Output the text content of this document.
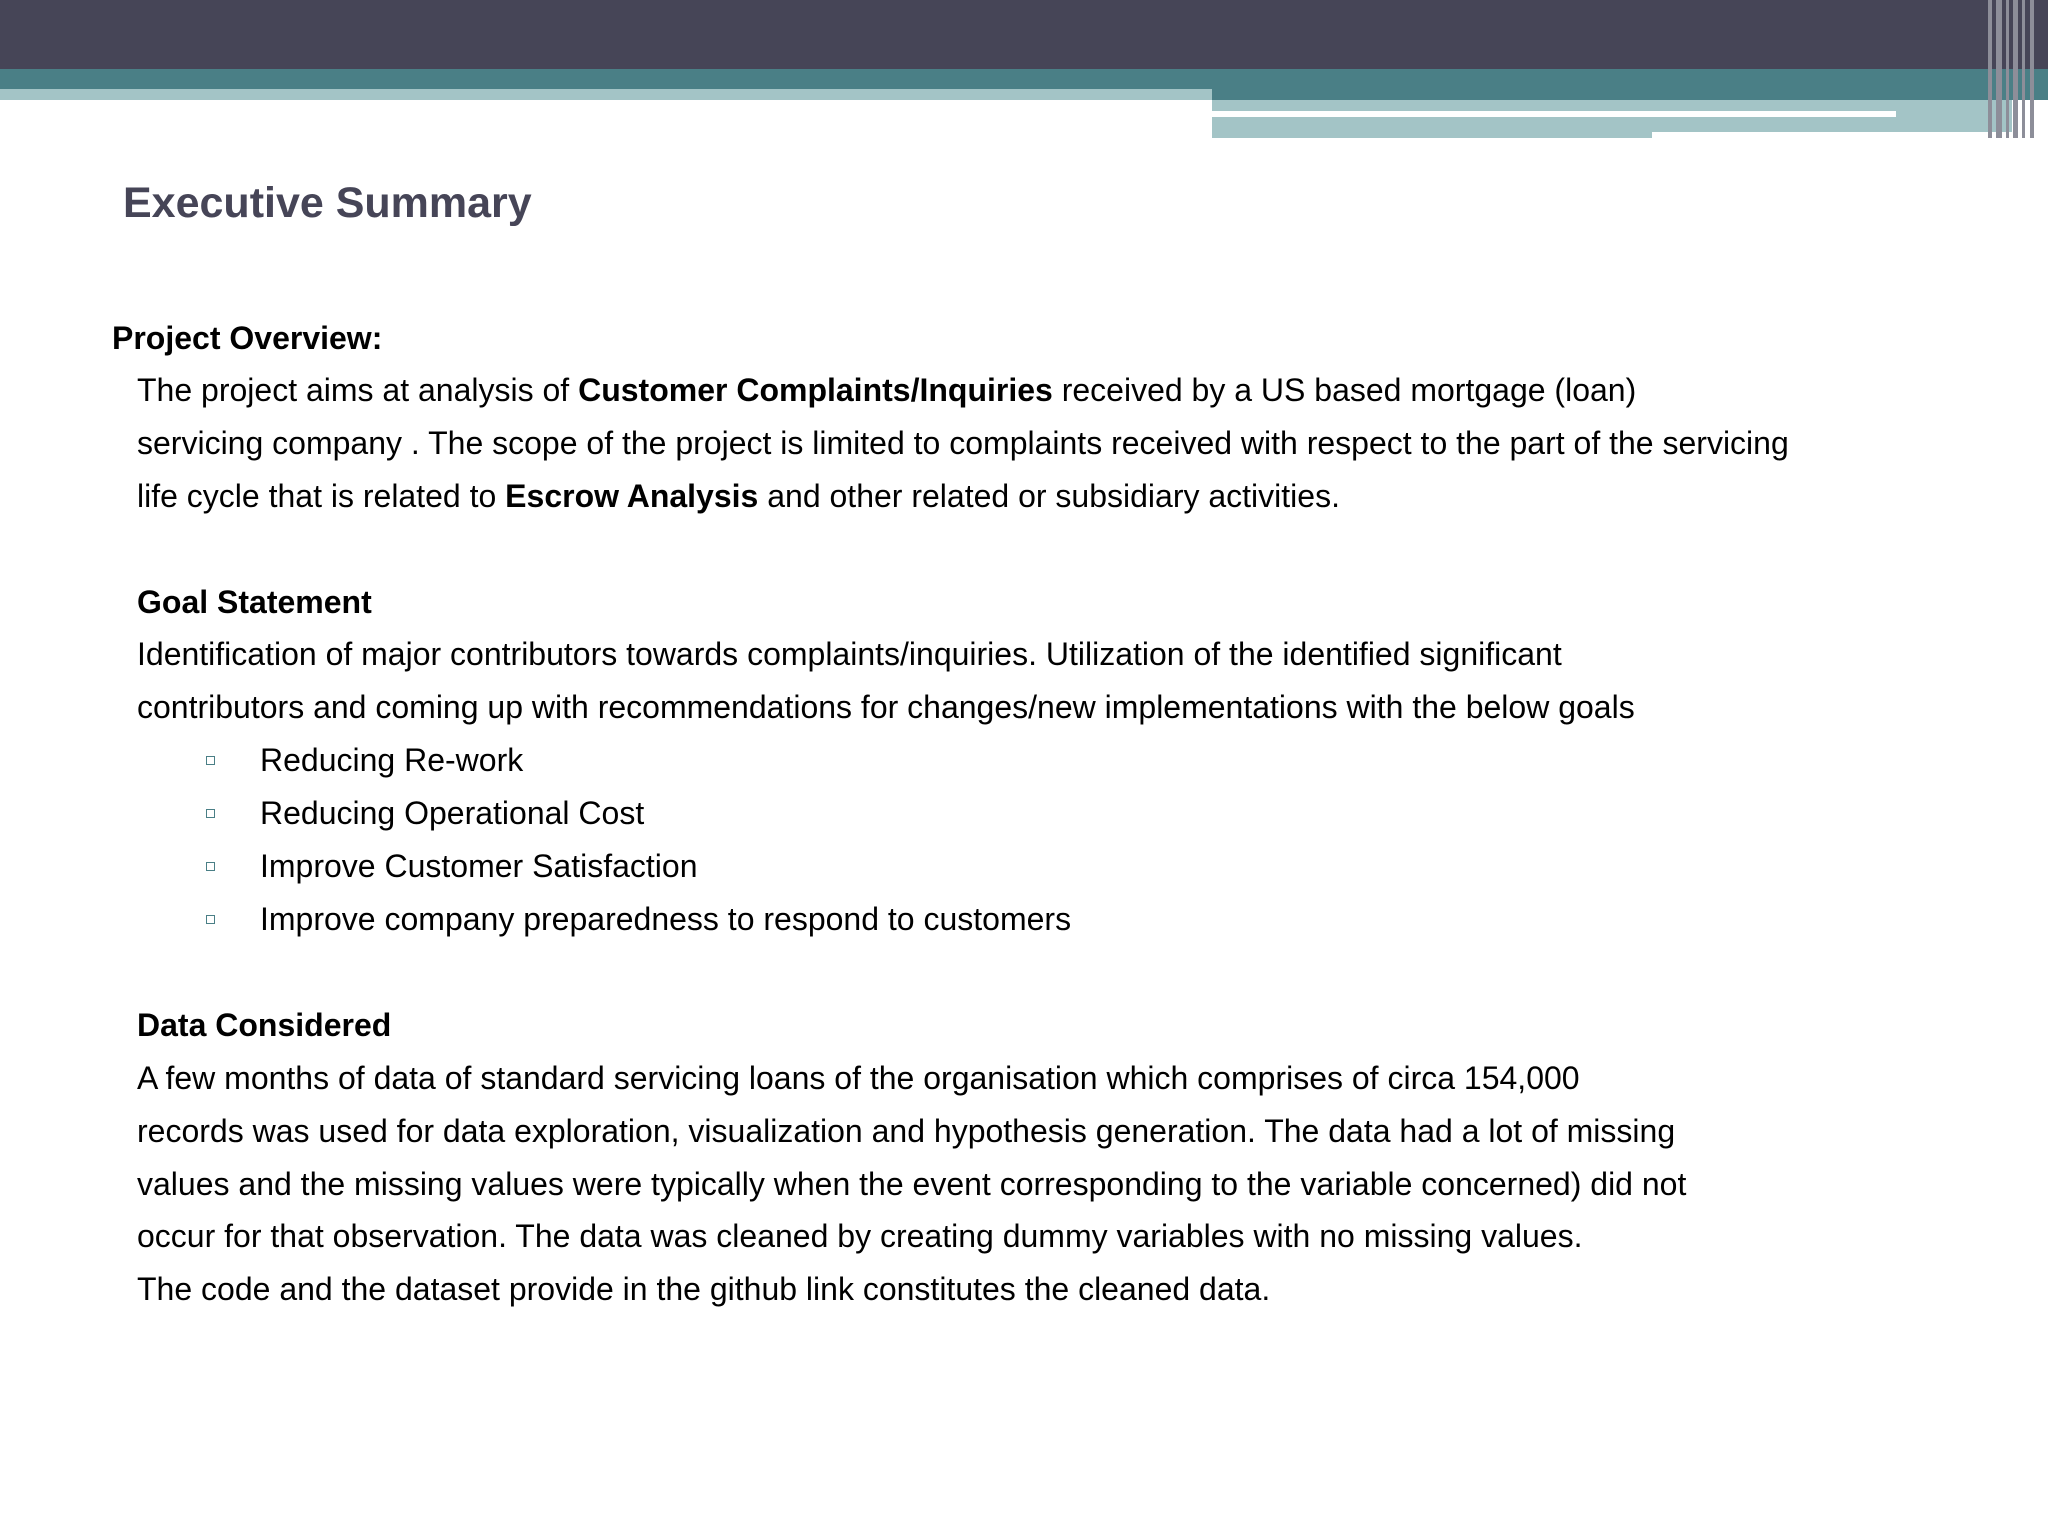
Executive Summary

Project Overview:

The project aims at analysis of Customer Complaints/Inquiries received by a US based mortgage (loan)

servicing company . The scope of the project is limited to complaints received with respect to the part of the servicing

life cycle that is related to Escrow Analysis and other related or subsidiary activities.

Goal Statement

Identification of major contributors towards complaints/inquiries. Utilization of the identified significant

contributors and coming up with recommendations for changes/new implementations with the below goals

Reducing Re-work

Reducing Operational Cost

Improve Customer Satisfaction

Improve company preparedness to respond to customers

Data Considered

A few months of data of standard servicing loans of the organisation which comprises of circa 154,000

records was used for data exploration, visualization and hypothesis generation. The data had a lot of missing

values and the missing values were typically when the event corresponding to the variable concerned) did not

occur for that observation. The data was cleaned by creating dummy variables with no missing values.

The code and the dataset provide in the github link constitutes the cleaned data.
